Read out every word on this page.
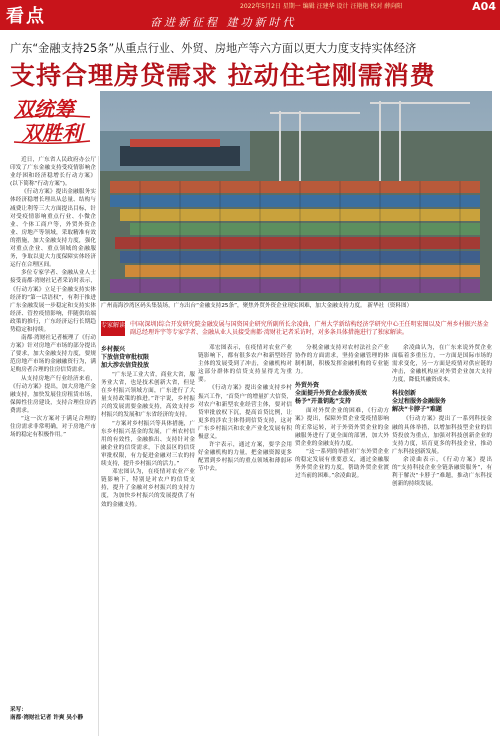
看点	2022年5月2日 星期一 编辑 汪建华 设计 汪艳艳 校对 薛向阳	A04
奋进新征程 建功新时代
广东“金融支持25条”从重点行业、外贸、房地产等六方面以更大力度支持实体经济
支持合理房贷需求 拉动住宅刚需消费
双统筹
双胜利
广州南海沙湾区码头集装场，广东出台“金融支持25条”，聚焦外贸外资企业现实困难，加大金融支持力度。 新华社（资料图）

近日，广东省人民政府办公厅印发了广东金融支持受疫情影响企业纾困和经济稳增长行动方案》(以下简称“行动方案”)。

《行动方案》提出金融服务实体经济稳增长理出从总量、结构与减费让利等三大方面提出目标，针对受疫情影响重点行业、小微企业、个体工商户等，外贸外资企业、房地产等领域，采取精准有效的措施，加大金融支持力度，强化对重点企业、重点领域的金融服务，争取以更大力度保障实体经济运行在合理区间。

多位专家学者、金融从业人士接受南都·湾财社记者采访时表示，《行动方案》立足于金融支持实体经济的“第一话语权”，有利于推进广东金融发展一步稳定和支持实体经济、管控疫情影响，伴随供给端政策的推行，广东经济运行长期趋势稳定和持续。

南都·湾财社记者梳理了《行动方案》针对房地产市场的部分提出了要求，加大金融支持力度，要规范房地产市场的金融融资行为，满足购房者合理的住房信贷需求。

从支持房地产行业经济来看，《行动方案》提出，加大房地产金融支持，加快发展住房租赁市场，保障性住房建设，支持合理住房消费需求。

“这一次方案对于满足合理的住房需求非常明确，对于房地产市场的稳定有积极作用。”

采写：
南都·湾财社记者 许爽 吴小静
专家解读 中国(深圳)综合开发研究院金融发展与国资国企研究所副所长余凌曲，广州大学新结构经济学研究中心王任明宏图以及广州乡村振兴基金副总经理许宇等专家学者、金融从业人员接受南都·湾财社记者采访时，对多条具体措施进行了独家解读。

乡村振兴
下放信贷审批权限
加大涉农信贷投放

“广东是工业大省，商业大省，服务业大省，也是技术创新大省，但是在乡村振兴领域方面，广东进行了大量支持政策的推进。”许宇说，乡村振兴的发展需要金融支持，高效支持乡村振兴的发展和广东省经济的支持。

“方案对乡村振兴等具体措施，广东乡村振兴基金的发展，广州农村信用的有效性，金融推出、支持针对金融企业的信贷需求，下放县区的信贷审批权限，有力促进金融对三农的持续支持，提升乡村振兴的活力。”

邓宏图认为，在疫情对农业产业链影响下，特别是对农户的信贷支持，提升了金融对乡村振兴的支持力度，为加快乡村振兴的发展提供了有效的金融支持。

邓宏图表示，在疫情对农业产业链影响下，都有很多农户和新型经营主体的发展受到了冲击，金融机构对这部分群体的信贷支持显得尤为重要。

《行动方案》提出金融支持乡村振兴工作，‘首贷户’的增量扩大信贷，对农户和新型农业经营主体，要对信贷审批放权下沉，提高首贷比例，让更多的涉农主体得到信贷支持，这对广东乡村振兴和农业产业化发展有积极意义。

许宇表示，通过方案，要学会用好金融机构的力量，把金融资源更多配置到乡村振兴的重点领域和薄弱环节中去。

分税金融支持对农村法社会产业协作的方面需求，坚持金融管理的体制机制，积极发挥金融机构的专业能力。

外贸外资
全面提升外贸企业服务质效
杨予“开盖钥匙”支持

面对外贸企业的困难，《行动方案》提出，保障外贸企业受疫情影响的正常运转，对于外资外贸企业的金融服务进行了更全面的部署，加大外贸企业的金融支持力度。

“这一系列的举措对广东外贸企业的稳定发展有重要意义，通过金融服务外贸企业的力度，帮助外贸企业渡过当前的困难。”余凌曲说。

余凌曲认为，在广东来说外贸企业面临着多重压力，一方面是国际市场的需求变化，另一方面是疫情对供应链的冲击，金融机构应对外贸企业加大支持力度，降低其融资成本。

科技创新
全过程服务金融服务
解决“卡脖子”难题

《行动方案》提出了一系列科技金融的具体举措，以增加科技型企业的信贷投放为重点，加强对科技创新企业的支持力度，培育更多的科技企业，推动广东科技创新发展。

余凌曲表示，《行动方案》提出的“支持科技企业全链条融资服务”，有利于解决“卡脖子”难题，推动广东科技创新的持续发展。
